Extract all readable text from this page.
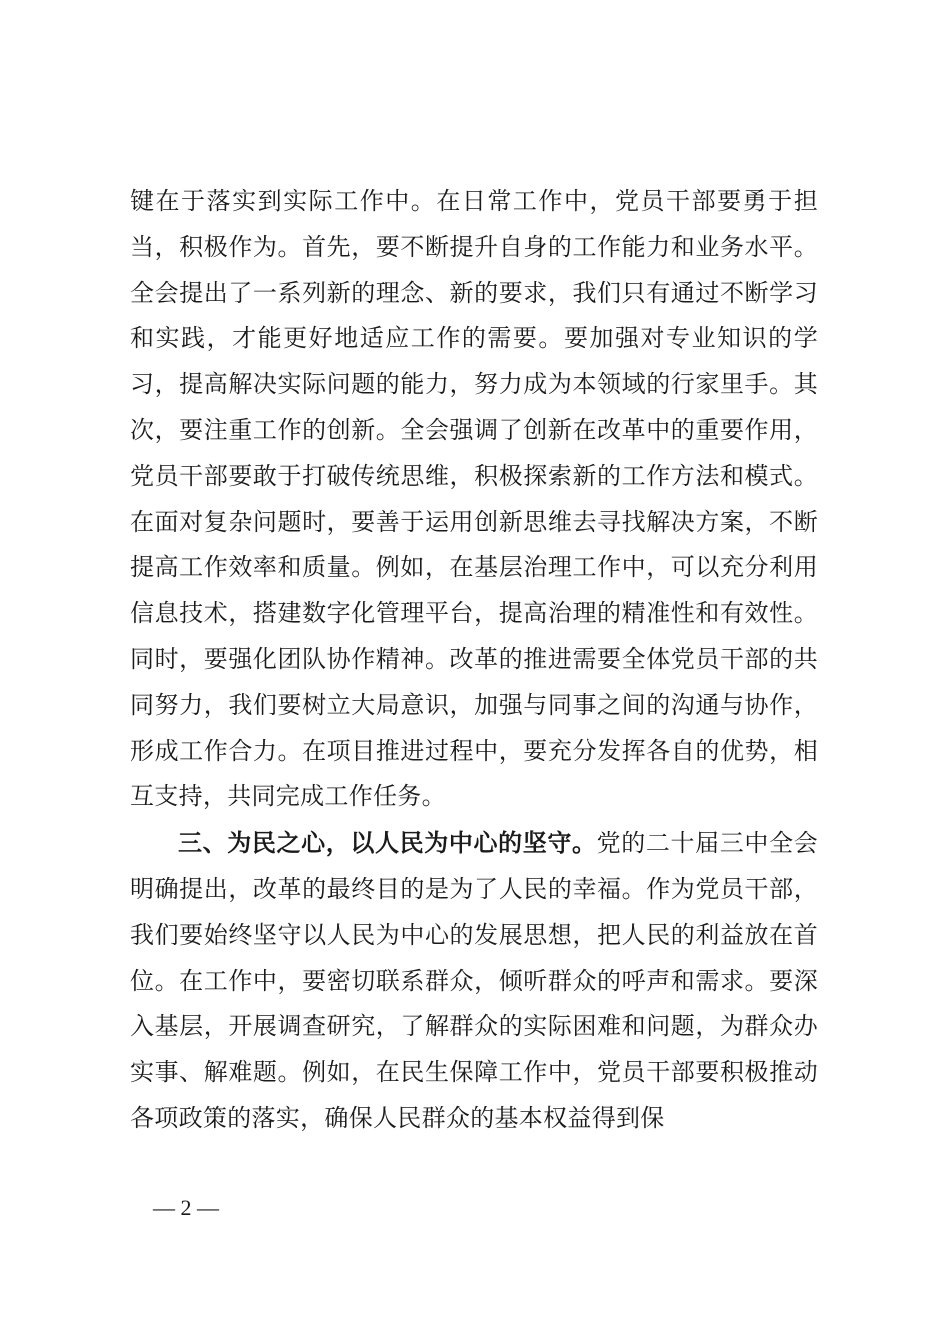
键在于落实到实际工作中。在日常工作中，党员干部要勇于担当，积极作为。首先，要不断提升自身的工作能力和业务水平。全会提出了一系列新的理念、新的要求，我们只有通过不断学习和实践，才能更好地适应工作的需要。要加强对专业知识的学习，提高解决实际问题的能力，努力成为本领域的行家里手。其次，要注重工作的创新。全会强调了创新在改革中的重要作用，党员干部要敢于打破传统思维，积极探索新的工作方法和模式。在面对复杂问题时，要善于运用创新思维去寻找解决方案，不断提高工作效率和质量。例如，在基层治理工作中，可以充分利用信息技术，搭建数字化管理平台，提高治理的精准性和有效性。同时，要强化团队协作精神。改革的推进需要全体党员干部的共同努力，我们要树立大局意识，加强与同事之间的沟通与协作，形成工作合力。在项目推进过程中，要充分发挥各自的优势，相互支持，共同完成工作任务。

三、为民之心，以人民为中心的坚守。党的二十届三中全会明确提出，改革的最终目的是为了人民的幸福。作为党员干部，我们要始终坚守以人民为中心的发展思想，把人民的利益放在首位。在工作中，要密切联系群众，倾听群众的呼声和需求。要深入基层，开展调查研究，了解群众的实际困难和问题，为群众办实事、解难题。例如，在民生保障工作中，党员干部要积极推动各项政策的落实，确保人民群众的基本权益得到保

— 2 —
